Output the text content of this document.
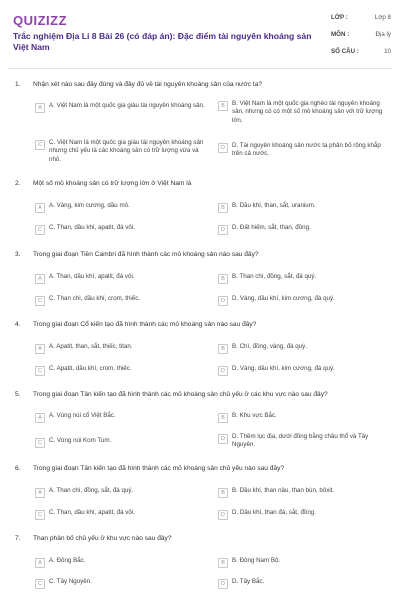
QUIZIZZ
Trắc nghiệm Địa Lí 8 Bài 26 (có đáp án): Đặc điểm tài nguyên khoáng sản Việt Nam
LỚP :	Lớp 8
MÔN :	Địa lý
SỐ CÂU :	10
1. Nhận xét nào sau đây đúng và đầy đủ về tài nguyên khoáng sản của nước ta?
A	A. Việt Nam là một quốc gia giàu tài nguyên khoáng sản.	B	B. Việt Nam là một quốc gia nghèo tài nguyên khoáng sản, nhưng có có một số mỏ khoáng sản với trữ lượng lớn.
C	C. Việt Nam là một quốc gia giàu tài nguyên khoáng sản nhưng chủ yếu là các khoáng sản có trữ lượng vừa và nhỏ.
D	D. Tài nguyên khoáng sản nước ta phân bố rộng khắp trên cả nước.
2. Một số mỏ khoáng sản có trữ lượng lớn ở Việt Nam là
A	A. Vàng, kim cương, dầu mỏ.	B	B. Dầu khí, than, sắt, uranium.
C	C. Than, dầu khí, apatit, đá vôi.	D	D. Đất hiếm, sắt, than, đồng.
3. Trong giai đoạn Tiền Cambri đã hình thành các mỏ khoáng sản nào sau đây?
A	A. Than, dầu khí, apatit, đá vôi.	B	B. Than chì, đồng, sắt, đá quý.
C	C. Than chì, dầu khí, crom, thiếc.	D	D. Vàng, dầu khí, kim cương, đá quý.
4. Trong giai đoạn Cổ kiến tạo đã hình thành các mỏ khoáng sản nào sau đây?
A	A. Apatit, than, sắt, thiếc, titan.	B	B. Chì, đồng, vàng, đá quý.
C	C. Apatit, dầu khí, crom, thiếc.	D	D. Vàng, dầu khí, kim cương, đá quý.
5. Trong giai đoạn Tân kiến tạo đã hình thành các mỏ khoáng sản chủ yếu ở các khu vực nào sau đây?
A	A. Vùng núi cổ Việt Bắc.	B	B. Khu vực Bắc.
C	C. Vùng núi Kom Tum.	D	D. Thềm lục địa, dưới đồng bằng châu thổ và Tây Nguyên.
6. Trong giai đoạn Tân kiến tạo đã hình thành các mỏ khoáng sản chủ yếu nào sau đây?
A	A. Than chì, đồng, sắt, đá quý.	B	B. Dầu khí, than nâu, than bùn, bôxit.
C	C. Than, dầu khí, apatit, đá vôi.	D	D. Dầu khí, than đá, sắt, đồng.
7. Than phân bố chủ yếu ở khu vực nào sau đây?
A	A. Đông Bắc.	B	B. Đông Nam Bộ.
C	C. Tây Nguyên.	D	D. Tây Bắc.
